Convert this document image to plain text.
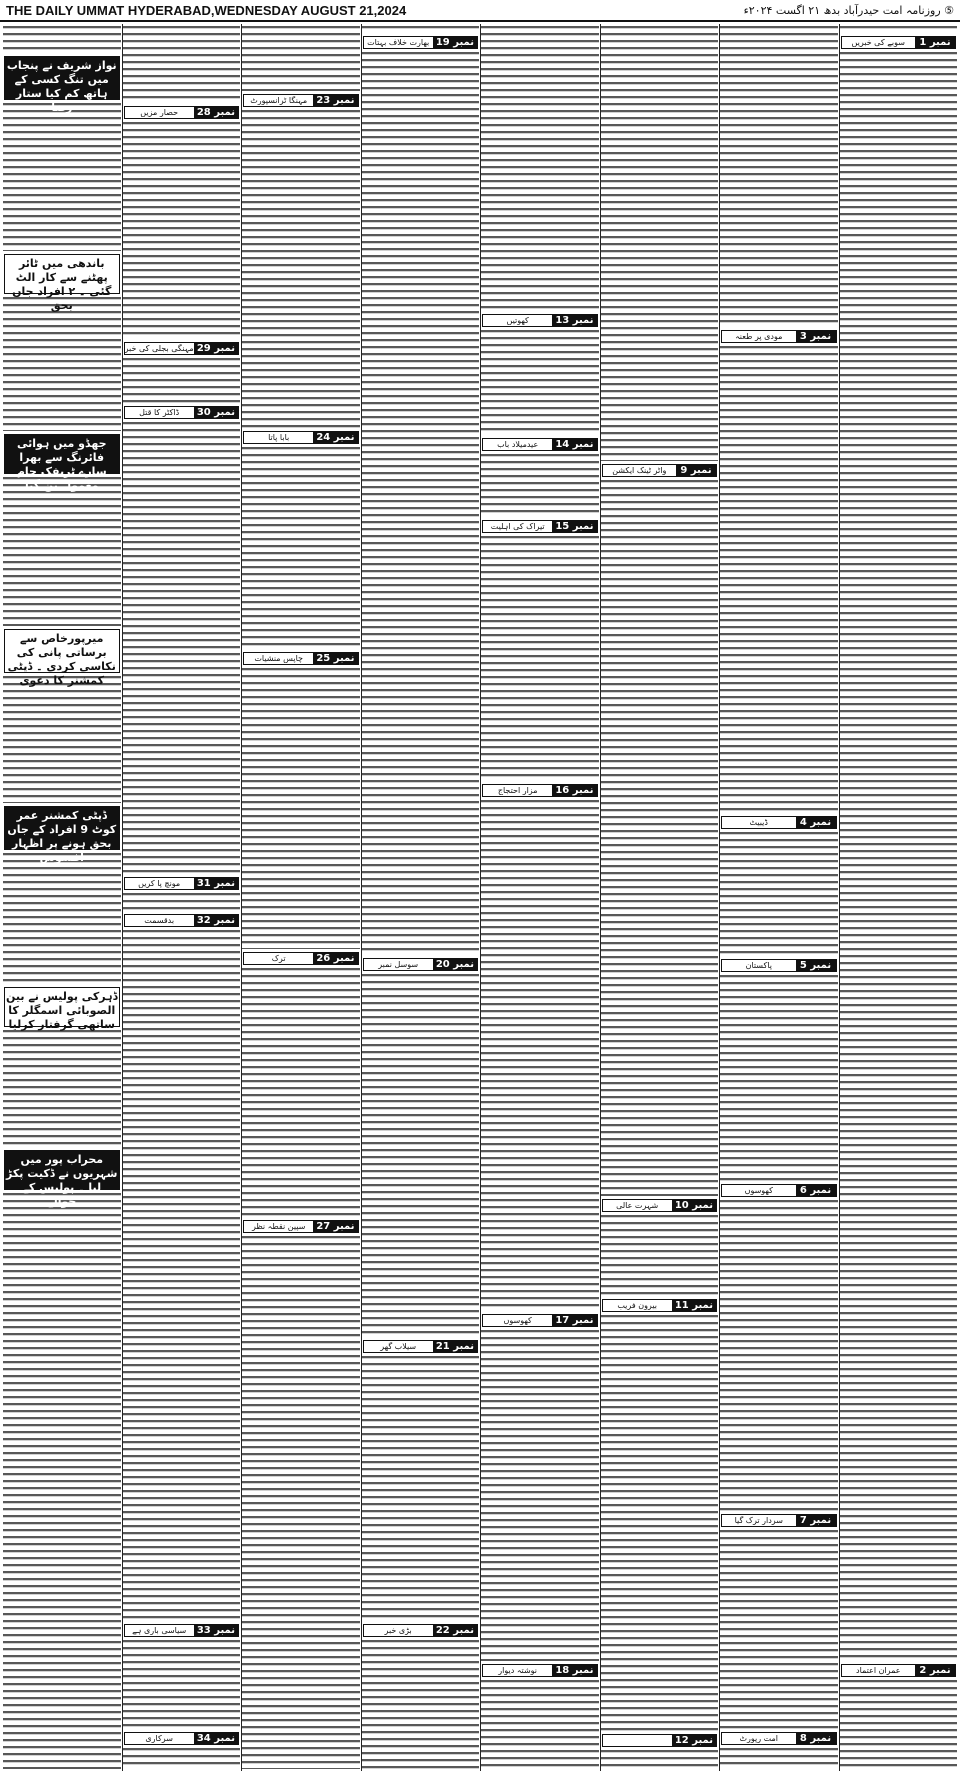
THE DAILY UMMAT HYDERABAD,WEDNESDAY AUGUST 21,2024	⑤ روزنامہ امت حیدرآباد بدھ ۲۱ اگست ۲۰۲۴ء
سوبے کی خبریں	نمبر 1
عمران اعتماد	نمبر 2
مودی پر طعنہ	نمبر 3
ڈیبیٹ	نمبر 4
پاکستان	نمبر 5
کھوسوں	نمبر 6
سردار ترک گیا	نمبر 7
امت رپورٹ	نمبر 8
واٹر ٹینک ایکشن	نمبر 9
شہرت عالی	نمبر 10
بیرون فریب	نمبر 11
نمبر 12
کھوتیں	نمبر 13
عیدمیلاد باب	نمبر 14
تیراک کی اہلیت	نمبر 15
مزار احتجاج	نمبر 16
کھوسوں	نمبر 17
نوشتہ دیوار	نمبر 18
بھارت خلاف بہتات نمبر 19
سوسل نمبر	نمبر 20
سیلاب گھر	نمبر 21
بڑی خبر	نمبر 22
مہنگا ٹرانسپورٹ نمبر 23
بابا پاتا	نمبر 24
چاپس منشیات	نمبر 25
ترک	نمبر 26
سپین نقطہ نظر	نمبر 27
حصار مزیں	نمبر 28
مہنگی بجلی کی خبر نمبر 29
ڈاکٹر کا قتل	نمبر 30
مونچ پا کریں	نمبر 31
بدقسمت	نمبر 32
سیاسی باری ہے	نمبر 33
سرکاری	نمبر 34
نواز شریف نے پنجاب میں تنگ کسی کے ہاتھ کم کیا ستار رضا
باندھی میں ٹائر پھٹنے سے کار الٹ گئی ۔ ۲ افراد جاں بحق
جھڈو میں ہوائی فائرنگ سے بھرا سارے ٹریفک جام معمول بن گیا
میرپورخاص سے برساتی پانی کی نکاسی کردی ۔ ڈپٹی کمشنر کا دعوی
ڈپٹی کمشنر عمر کوٹ 9 افراد کے جاں بحق ہونے پر اظہار افسوس
ڈہرکی پولیس نے بین الصوبائی اسمگلر کا ساتھی گرفتار کرلیا
محراب پور میں شہریوں نے ڈکیت پکڑ لیا ۔ پولیس کے حوالے
